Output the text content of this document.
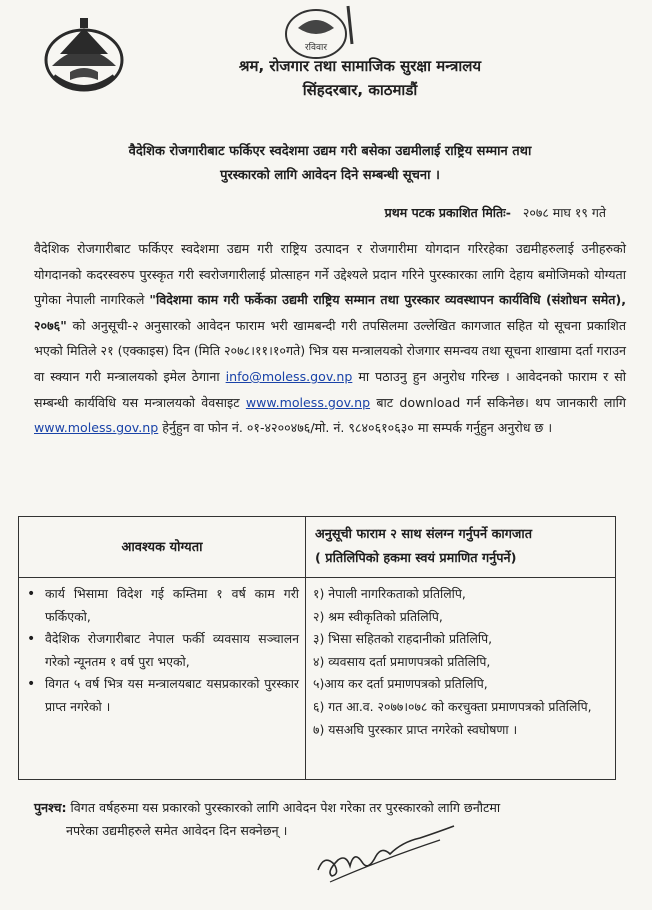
रविवार
श्रम, रोजगार तथा सामाजिक सुरक्षा मन्त्रालय
सिंहदरबार, काठमाडौं
वैदेशिक रोजगारीबाट फर्किएर स्वदेशमा उद्यम गरी बसेका उद्यमीलाई राष्ट्रिय सम्मान तथा
पुरस्कारको लागि आवेदन दिने सम्बन्धी सूचना ।
प्रथम पटक प्रकाशित मितिः- २०७८ माघ १९ गते
वैदेशिक रोजगारीबाट फर्किएर स्वदेशमा उद्यम गरी राष्ट्रिय उत्पादन र रोजगारीमा योगदान गरिरहेका उद्यमीहरुलाई उनीहरुको योगदानको कदरस्वरुप पुरस्कृत गरी स्वरोजगारीलाई प्रोत्साहन गर्ने उद्देश्यले प्रदान गरिने पुरस्कारका लागि देहाय बमोजिमको योग्यता पुगेका नेपाली नागरिकले "विदेशमा काम गरी फर्केका उद्यमी राष्ट्रिय सम्मान तथा पुरस्कार व्यवस्थापन कार्यविधि (संशोधन समेत), २०७६" को अनुसूची-२ अनुसारको आवेदन फाराम भरी खामबन्दी गरी तपसिलमा उल्लेखित कागजात सहित यो सूचना प्रकाशित भएको मितिले २१ (एक्काइस) दिन (मिति २०७८।११।१०गते) भित्र यस मन्त्रालयको रोजगार समन्वय तथा सूचना शाखामा दर्ता गराउन वा स्क्यान गरी मन्त्रालयको इमेल ठेगाना info@moless.gov.np मा पठाउनु हुन अनुरोध गरिन्छ । आवेदनको फाराम र सो सम्बन्धी कार्यविधि यस मन्त्रालयको वेवसाइट www.moless.gov.np बाट download गर्न सकिनेछ। थप जानकारी लागि www.moless.gov.np हेर्नुहुन वा फोन नं. ०१-४२००४७६/मो. नं. ९८४०६१०६३० मा सम्पर्क गर्नुहुन अनुरोध छ ।
आवश्यक योग्यता
अनुसूची फाराम २ साथ संलग्न गर्नुपर्ने कागजात
( प्रतिलिपिको हकमा स्वयं प्रमाणित गर्नुपर्ने)
• कार्य भिसामा विदेश गई कम्तिमा १ वर्ष काम गरी फर्किएको,
• वैदेशिक रोजगारीबाट नेपाल फर्की व्यवसाय सञ्चालन गरेको न्यूनतम १ वर्ष पुरा भएको,
• विगत ५ वर्ष भित्र यस मन्त्रालयबाट यसप्रकारको पुरस्कार प्राप्त नगरेको ।
१) नेपाली नागरिकताको प्रतिलिपि,
२) श्रम स्वीकृतिको प्रतिलिपि,
३) भिसा सहितको राहदानीको प्रतिलिपि,
४) व्यवसाय दर्ता प्रमाणपत्रको प्रतिलिपि,
५)आय कर दर्ता प्रमाणपत्रको प्रतिलिपि,
६) गत आ.व. २०७७।०७८ को करचुक्ता प्रमाणपत्रको प्रतिलिपि,
७) यसअघि पुरस्कार प्राप्त नगरेको स्वघोषणा ।
पुनश्च: विगत वर्षहरुमा यस प्रकारको पुरस्कारको लागि आवेदन पेश गरेका तर पुरस्कारको लागि छनौटमा
नपरेका उद्यमीहरुले समेत आवेदन दिन सक्नेछन् ।
